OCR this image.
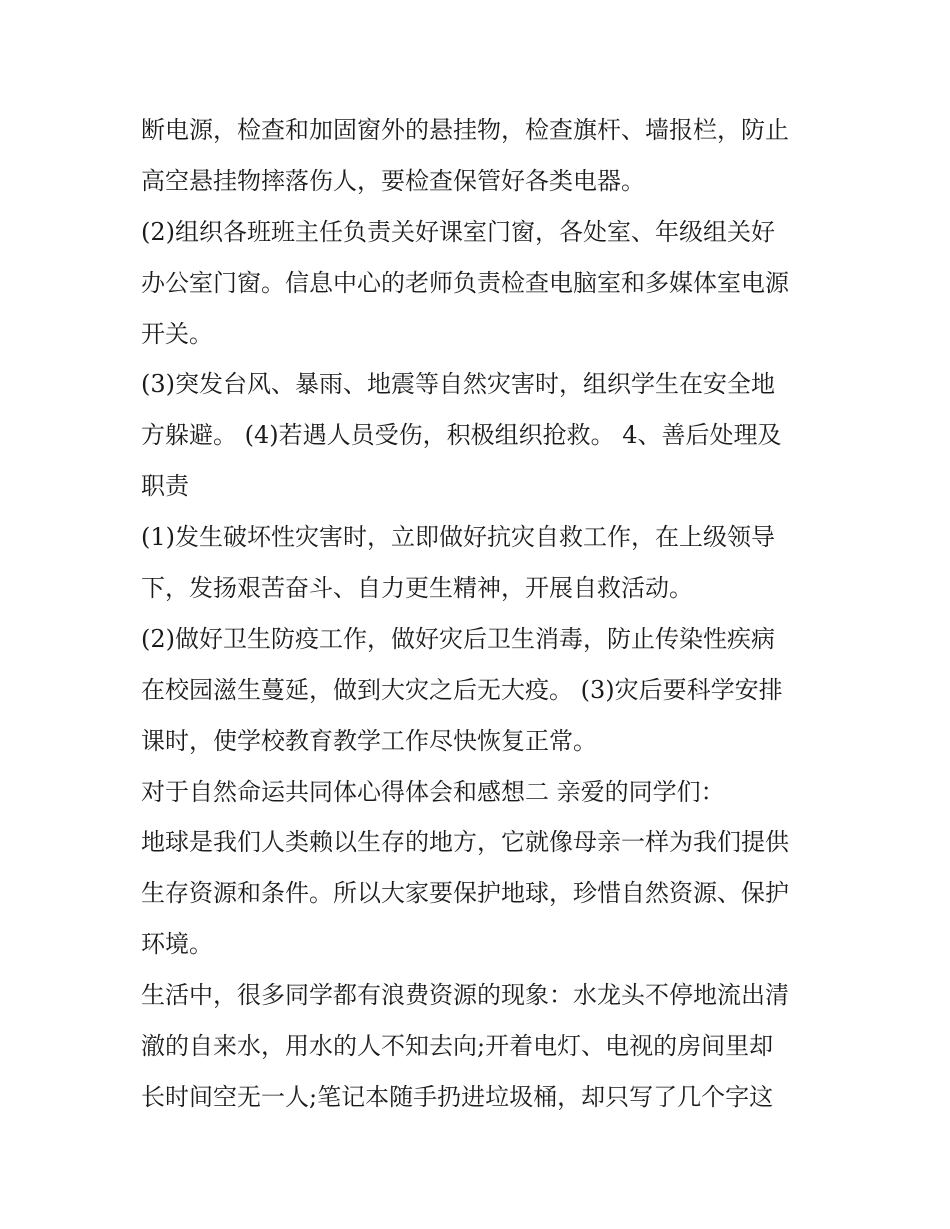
断电源，检查和加固窗外的悬挂物，检查旗杆、墙报栏，防止
高空悬挂物摔落伤人，要检查保管好各类电器。
(2)组织各班班主任负责关好课室门窗，各处室、年级组关好
办公室门窗。信息中心的老师负责检查电脑室和多媒体室电源
开关。
(3)突发台风、暴雨、地震等自然灾害时，组织学生在安全地
方躲避。 (4)若遇人员受伤，积极组织抢救。 4、善后处理及
职责
(1)发生破坏性灾害时，立即做好抗灾自救工作，在上级领导
下，发扬艰苦奋斗、自力更生精神，开展自救活动。
(2)做好卫生防疫工作，做好灾后卫生消毒，防止传染性疾病
在校园滋生蔓延，做到大灾之后无大疫。 (3)灾后要科学安排
课时，使学校教育教学工作尽快恢复正常。
对于自然命运共同体心得体会和感想二 亲爱的同学们：
地球是我们人类赖以生存的地方，它就像母亲一样为我们提供
生存资源和条件。所以大家要保护地球，珍惜自然资源、保护
环境。
生活中，很多同学都有浪费资源的现象：水龙头不停地流出清
澈的自来水，用水的人不知去向;开着电灯、电视的房间里却
长时间空无一人;笔记本随手扔进垃圾桶，却只写了几个字这
